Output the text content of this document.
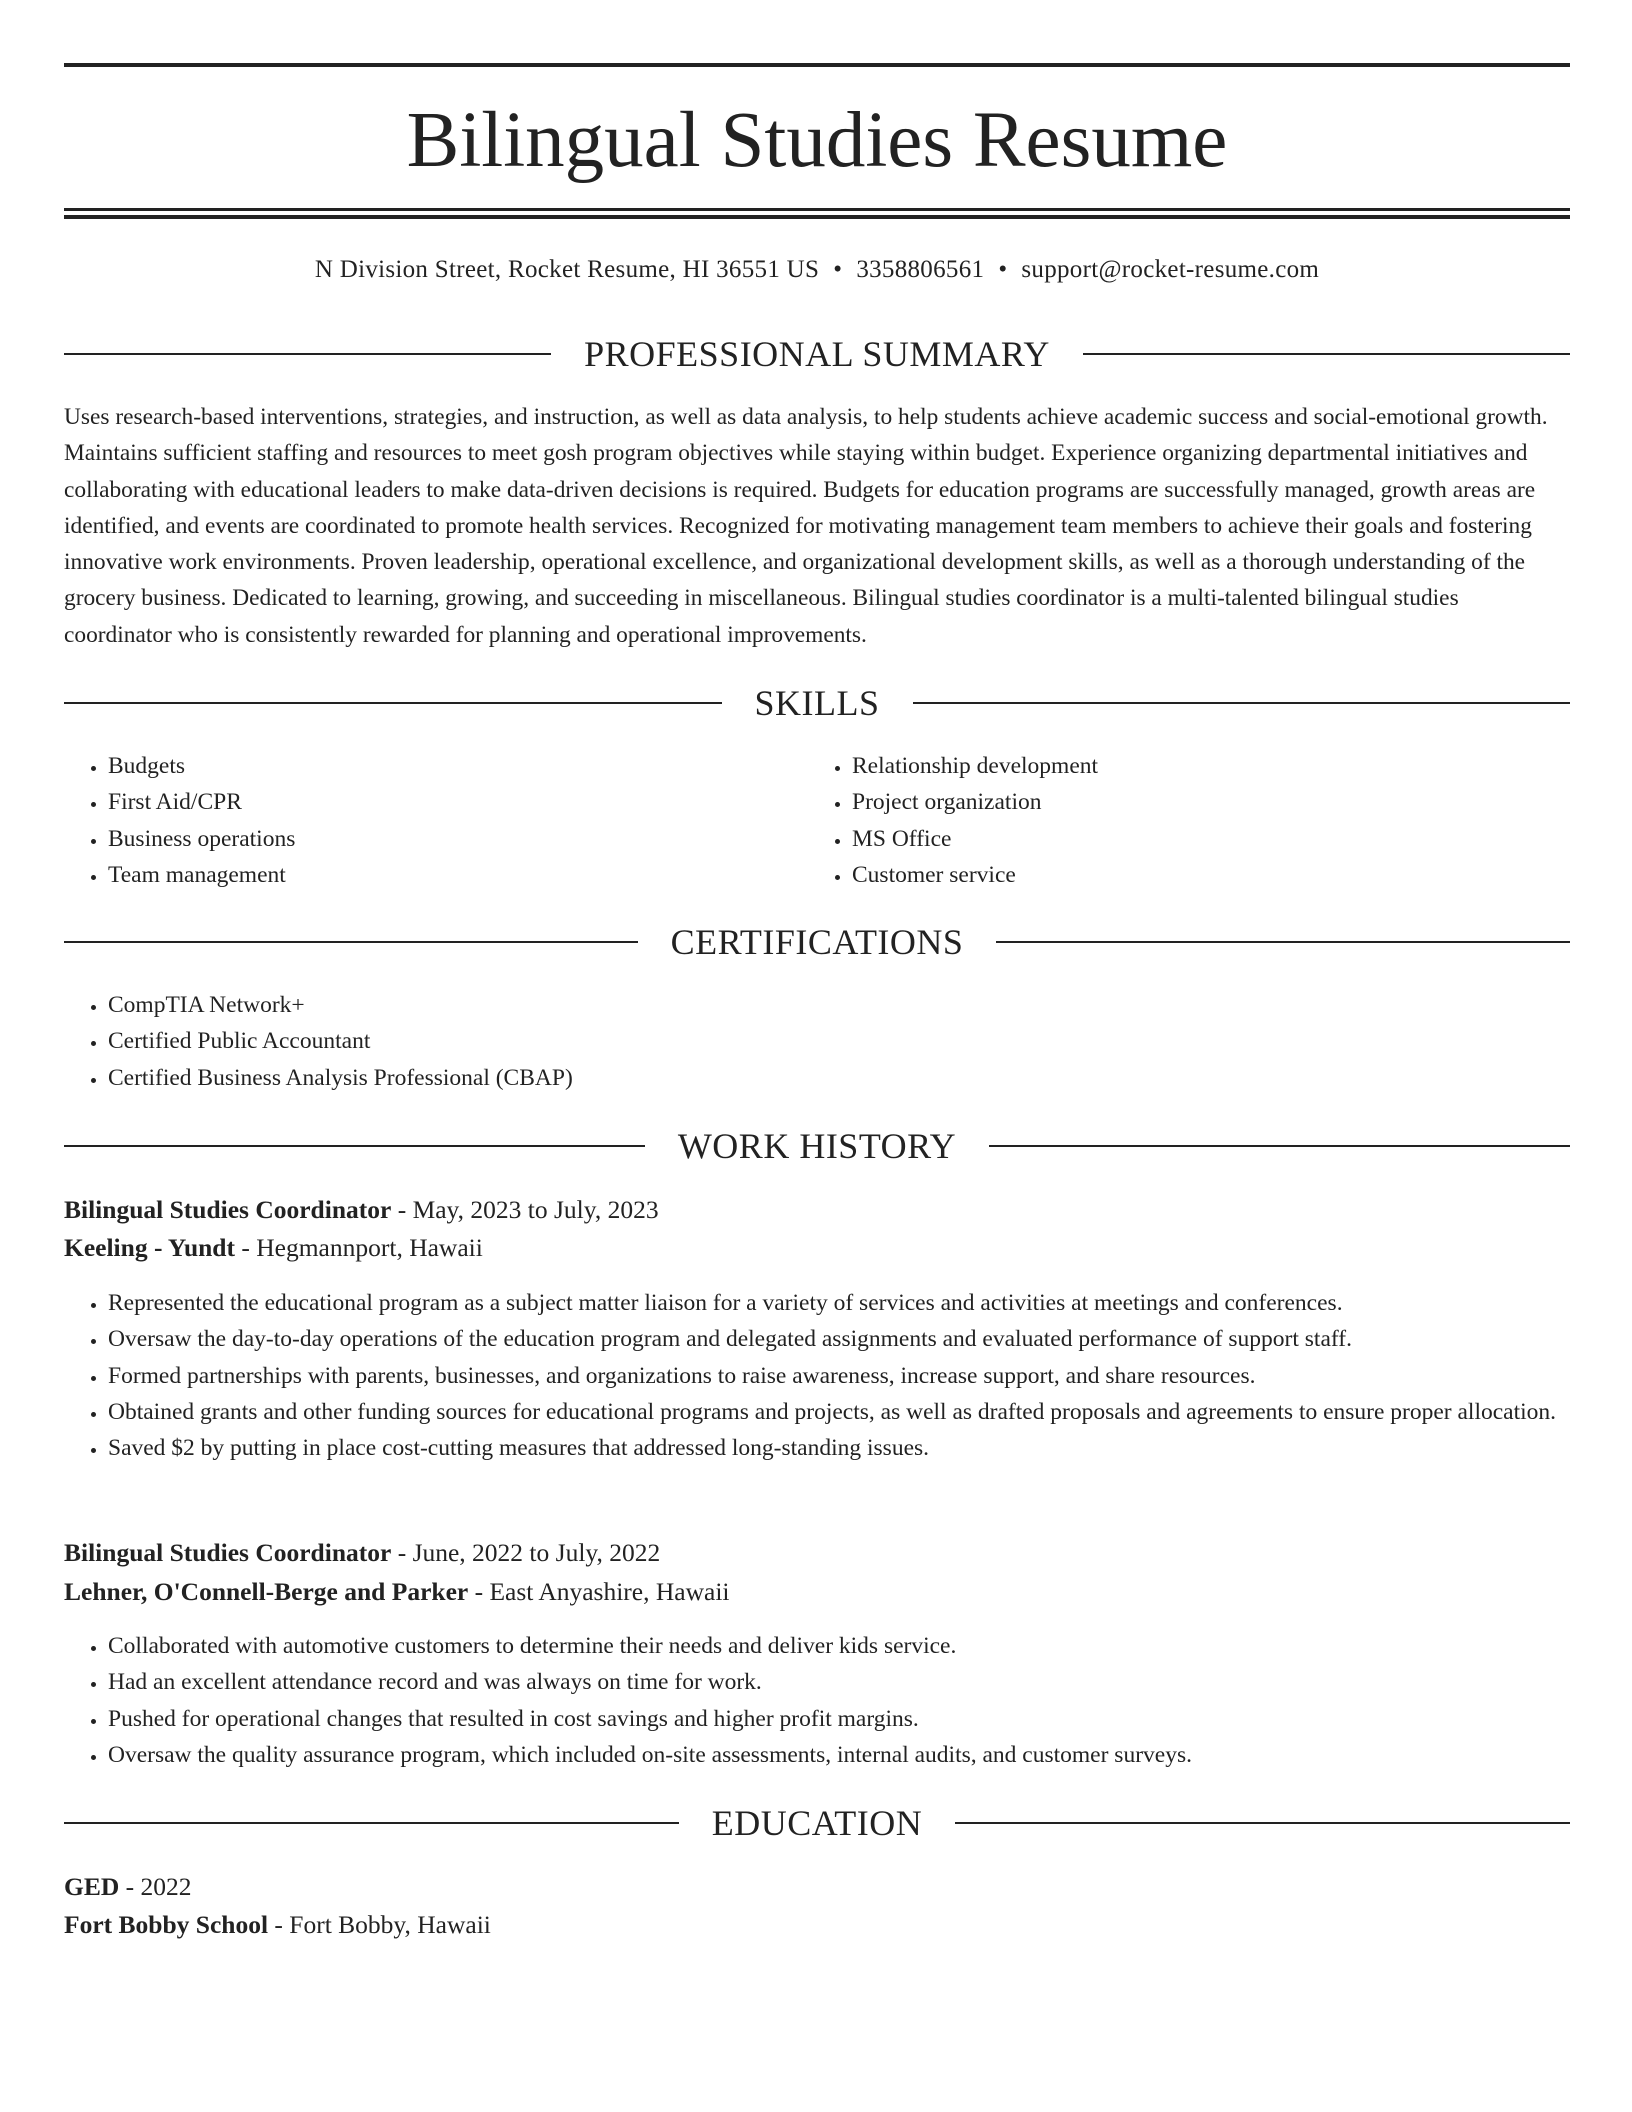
Bilingual Studies Resume
N Division Street, Rocket Resume, HI 36551 US • 3358806561 • support@rocket-resume.com
PROFESSIONAL SUMMARY

Uses research-based interventions, strategies, and instruction, as well as data analysis, to help students achieve academic success and social-emotional growth. Maintains sufficient staffing and resources to meet gosh program objectives while staying within budget. Experience organizing departmental initiatives and collaborating with educational leaders to make data-driven decisions is required. Budgets for education programs are successfully managed, growth areas are identified, and events are coordinated to promote health services. Recognized for motivating management team members to achieve their goals and fostering innovative work environments. Proven leadership, operational excellence, and organizational development skills, as well as a thorough understanding of the grocery business. Dedicated to learning, growing, and succeeding in miscellaneous. Bilingual studies coordinator is a multi-talented bilingual studies coordinator who is consistently rewarded for planning and operational improvements.

SKILLS
• Budgets
• First Aid/CPR
• Business operations
• Team management
• Relationship development
• Project organization
• MS Office
• Customer service
CERTIFICATIONS
• CompTIA Network+
• Certified Public Accountant
• Certified Business Analysis Professional (CBAP)
WORK HISTORY
Bilingual Studies Coordinator - May, 2023 to July, 2023
Keeling - Yundt - Hegmannport, Hawaii
• Represented the educational program as a subject matter liaison for a variety of services and activities at meetings and conferences.
• Oversaw the day-to-day operations of the education program and delegated assignments and evaluated performance of support staff.
• Formed partnerships with parents, businesses, and organizations to raise awareness, increase support, and share resources.
• Obtained grants and other funding sources for educational programs and projects, as well as drafted proposals and agreements to ensure proper allocation.
• Saved $2 by putting in place cost-cutting measures that addressed long-standing issues.
Bilingual Studies Coordinator - June, 2022 to July, 2022
Lehner, O'Connell-Berge and Parker - East Anyashire, Hawaii
• Collaborated with automotive customers to determine their needs and deliver kids service.
• Had an excellent attendance record and was always on time for work.
• Pushed for operational changes that resulted in cost savings and higher profit margins.
• Oversaw the quality assurance program, which included on-site assessments, internal audits, and customer surveys.
EDUCATION
GED - 2022
Fort Bobby School - Fort Bobby, Hawaii
